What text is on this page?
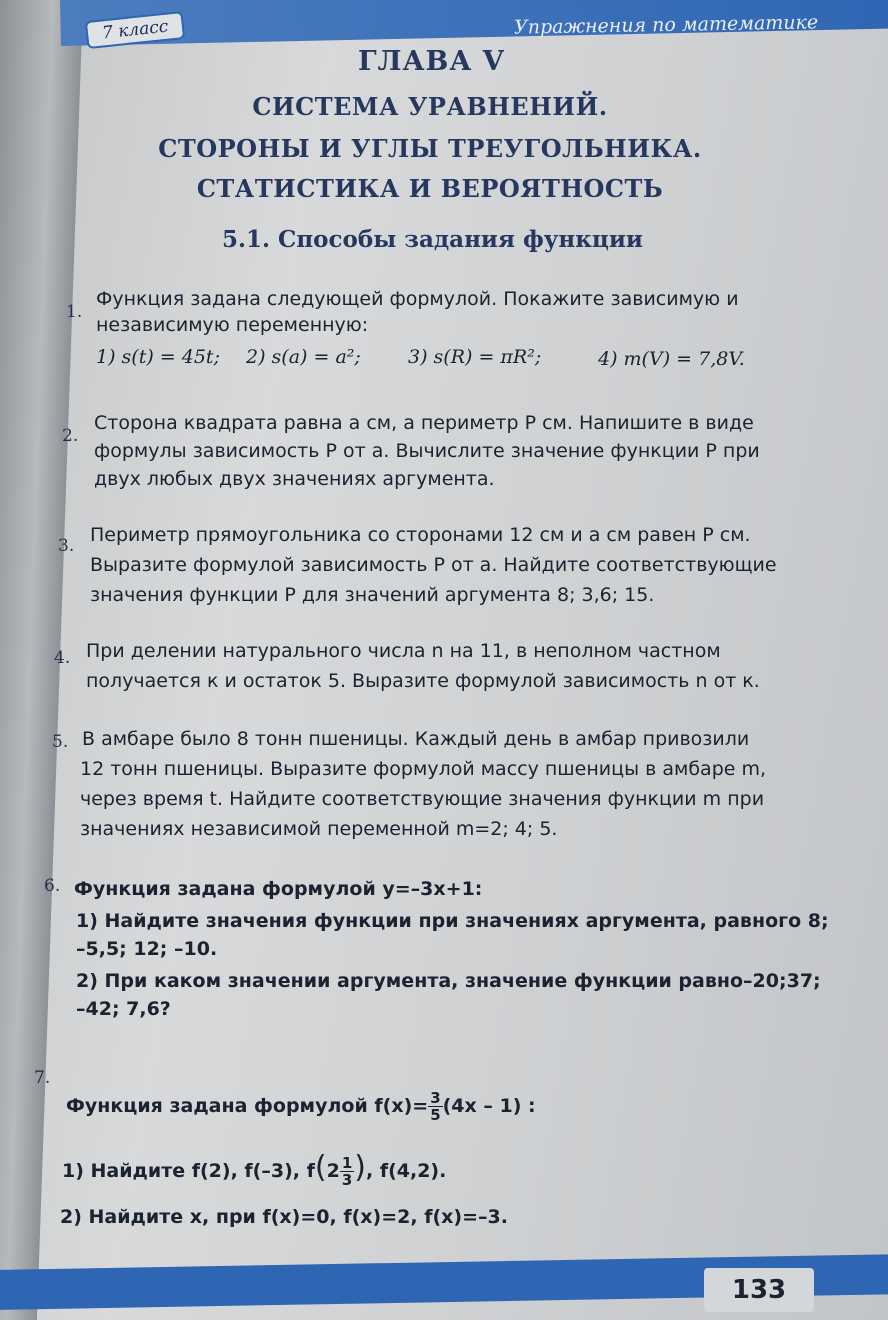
Упражнения по математике
7 класс
ГЛАВА V
СИСТЕМА УРАВНЕНИЙ.
СТОРОНЫ И УГЛЫ ТРЕУГОЛЬНИКА.
СТАТИСТИКА И ВЕРОЯТНОСТЬ
5.1. Способы задания функции
1.
Функция задана следующей формулой. Покажите зависимую и
независимую переменную:
1) s(t) = 45t; 2) s(a) = a²; 3) s(R) = πR²;	4) m(V) = 7,8V.
2.
Сторона квадрата равна a см, а периметр P см. Напишите в виде
формулы зависимость P от a. Вычислите значение функции P при
двух любых двух значениях аргумента.
3. Периметр прямоугольника со сторонами 12 см и a см равен P см.
Выразите формулой зависимость P от a. Найдите соответствующие
значения функции P для значений аргумента 8; 3,6; 15.
4. При делении натурального числа n на 11, в неполном частном
получается к и остаток 5. Выразите формулой зависимость n от к.
5. В амбаре было 8 тонн пшеницы. Каждый день в амбар привозили
12 тонн пшеницы. Выразите формулой массу пшеницы в амбаре m,
через время t. Найдите соответствующие значения функции m при
значениях независимой переменной m=2; 4; 5.
6. Функция задана формулой y=–3x+1:
1) Найдите значения функции при значениях аргумента, равного 8;
–5,5; 12; –10.
2) При каком значении аргумента, значение функции равно–20;37;
–42; 7,6?
7.
Функция задана формулой $f(x)= \frac{3}{5} (4x - 1)$ :
1) Найдите f(2), f(–3), $f(2 \frac{1}{3}$ ), f(4,2).
2) Найдите x, при f(x)=0, f(x)=2, f(x)=–3.
133
